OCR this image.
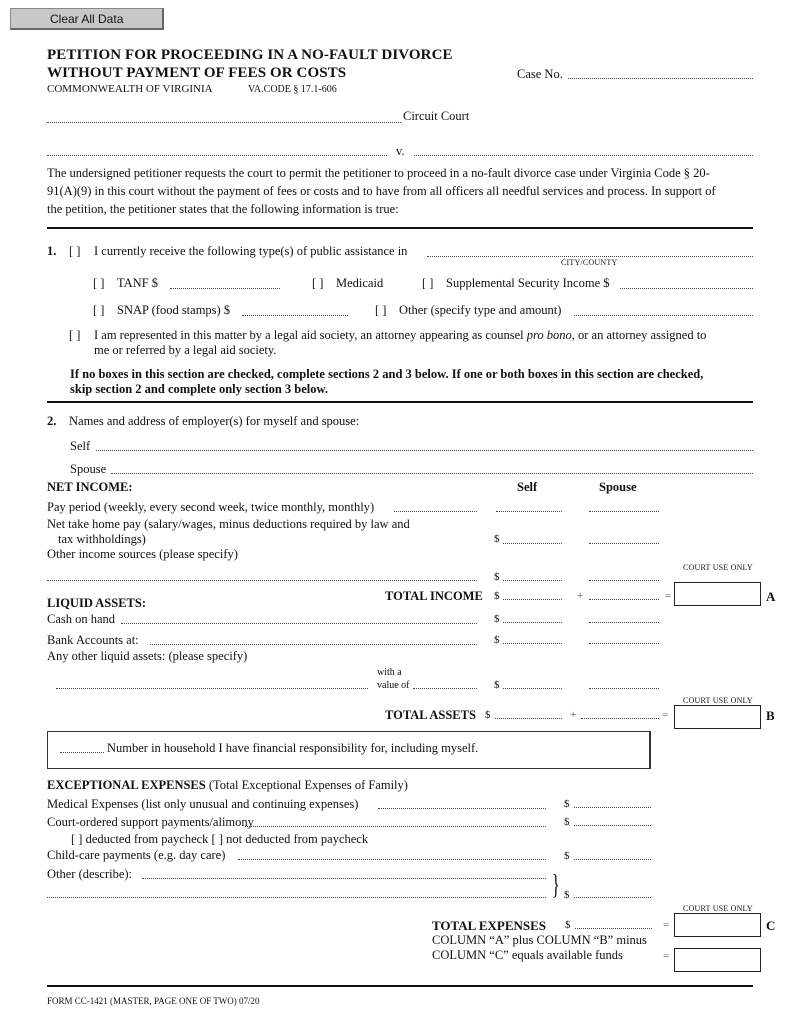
Clear All Data
PETITION FOR PROCEEDING IN A NO-FAULT DIVORCE
WITHOUT PAYMENT OF FEES OR COSTS
COMMONWEALTH OF VIRGINIA	VA.CODE § 17.1-606
Case No.
Circuit Court
v.
The undersigned petitioner requests the court to permit the petitioner to proceed in a no-fault divorce case under Virginia Code § 20-
91(A)(9) in this court without the payment of fees or costs and to have from all officers all needful services and process. In support of
the petition, the petitioner states that the following information is true:
1. [ ] I currently receive the following type(s) of public assistance in
CITY/COUNTY
[ ] TANF $	[ ] Medicaid	[ ] Supplemental Security Income $
[ ] SNAP (food stamps) $	[ ] Other (specify type and amount)
[ ] I am represented in this matter by a legal aid society, an attorney appearing as counsel pro bono, or an attorney assigned to
me or referred by a legal aid society.
If no boxes in this section are checked, complete sections 2 and 3 below. If one or both boxes in this section are checked,
skip section 2 and complete only section 3 below.
2. Names and address of employer(s) for myself and spouse:
Self
Spouse
NET INCOME:	Self	Spouse
Pay period (weekly, every second week, twice monthly, monthly)
Net take home pay (salary/wages, minus deductions required by law and
tax withholdings)	$
Other income sources (please specify)
COURT USE ONLY
$
TOTAL INCOME $	+	=	A
LIQUID ASSETS:
Cash on hand	$
Bank Accounts at:	$
Any other liquid assets: (please specify)
with a
value of	$
COURT USE ONLY
TOTAL ASSETS $	+	=	B
Number in household I have financial responsibility for, including myself.
EXCEPTIONAL EXPENSES (Total Exceptional Expenses of Family)
Medical Expenses (list only unusual and continuing expenses)	$
Court-ordered support payments/alimony	$
[ ] deducted from paycheck [ ] not deducted from paycheck
Child-care payments (e.g. day care)	$
Other (describe):	} $
COURT USE ONLY
TOTAL EXPENSES $	=	C
COLUMN “A” plus COLUMN “B” minus
COLUMN “C” equals available funds	=
FORM CC-1421 (MASTER, PAGE ONE OF TWO) 07/20
